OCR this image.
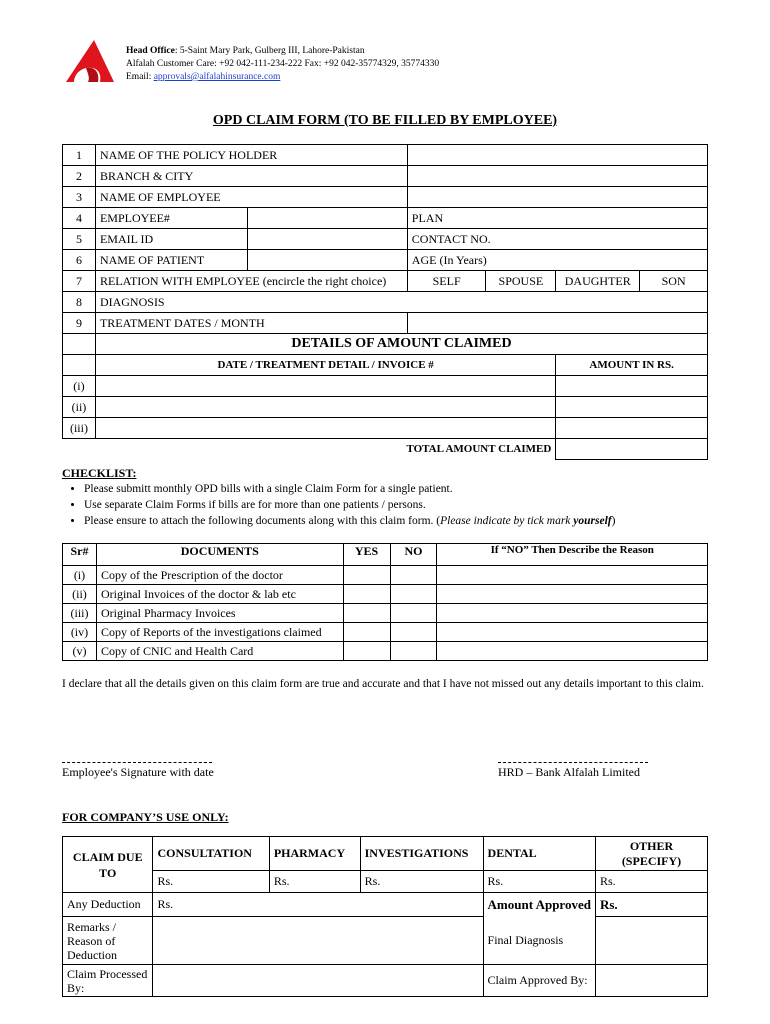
Head Office: 5-Saint Mary Park, Gulberg III, Lahore-Pakistan
Alfalah Customer Care: +92 042-111-234-222 Fax: +92 042-35774329, 35774330
Email: approvals@alfalahinsurance.com
OPD CLAIM FORM (TO BE FILLED BY EMPLOYEE)
1	NAME OF THE POLICY HOLDER					
2	BRANCH & CITY					
3	NAME OF EMPLOYEE					
4	EMPLOYEE#		PLAN			
5	EMAIL ID		CONTACT NO.			
6	NAME OF PATIENT		AGE (In Years)			
7	RELATION WITH EMPLOYEE (encircle the right choice)		SELF	SPOUSE	DAUGHTER	SON
8	DIAGNOSIS					
9	TREATMENT DATES / MONTH					
	DETAILS OF AMOUNT CLAIMED					
	DATE / TREATMENT DETAIL / INVOICE #				AMOUNT IN RS.	
(i)						
(ii)						
(iii)						
	TOTAL AMOUNT CLAIMED					
CHECKLIST:
• Please submitt monthly OPD bills with a single Claim Form for a single patient.
• Use separate Claim Forms if bills are for more than one patients / persons.
• Please ensure to attach the following documents along with this claim form. (Please indicate by tick mark yourself)
Sr#	DOCUMENTS	YES	NO	If “NO” Then Describe the Reason
(i)	Copy of the Prescription of the doctor			
(ii)	Original Invoices of the doctor & lab etc			
(iii)	Original Pharmacy Invoices			
(iv)	Copy of Reports of the investigations claimed			
(v)	Copy of CNIC and Health Card			
I declare that all the details given on this claim form are true and accurate and that I have not missed out any details important to this claim.
Employee's Signature with date	HRD – Bank Alfalah Limited
FOR COMPANY’S USE ONLY:
CLAIM DUE TO	CONSULTATION	PHARMACY	INVESTIGATIONS	DENTAL	OTHER (SPECIFY)
	Rs.	Rs.	Rs.	Rs.	Rs.
Any Deduction	Rs.			Amount Approved	Rs.
Remarks / Reason of Deduction				Final Diagnosis	
Claim Processed By:				Claim Approved By:	
